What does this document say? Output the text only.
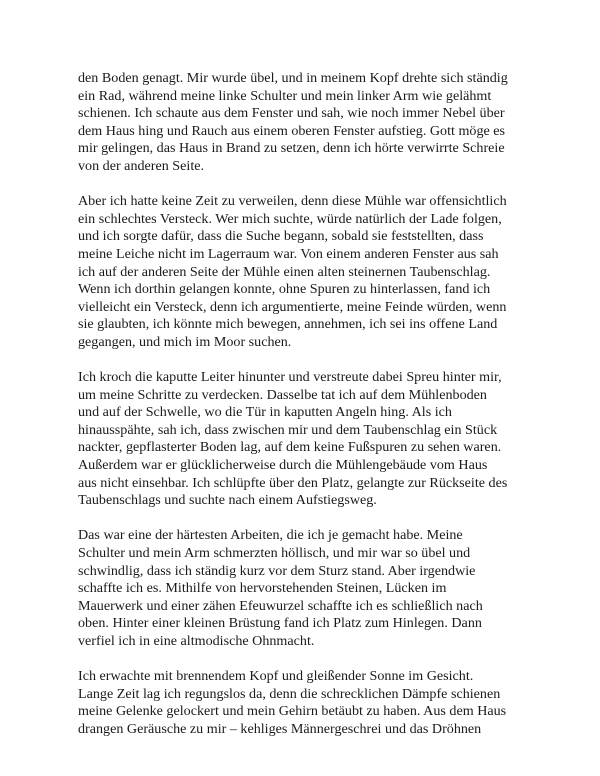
den Boden genagt. Mir wurde übel, und in meinem Kopf drehte sich ständig
ein Rad, während meine linke Schulter und mein linker Arm wie gelähmt
schienen. Ich schaute aus dem Fenster und sah, wie noch immer Nebel über
dem Haus hing und Rauch aus einem oberen Fenster aufstieg. Gott möge es
mir gelingen, das Haus in Brand zu setzen, denn ich hörte verwirrte Schreie
von der anderen Seite.
Aber ich hatte keine Zeit zu verweilen, denn diese Mühle war offensichtlich
ein schlechtes Versteck. Wer mich suchte, würde natürlich der Lade folgen,
und ich sorgte dafür, dass die Suche begann, sobald sie feststellten, dass
meine Leiche nicht im Lagerraum war. Von einem anderen Fenster aus sah
ich auf der anderen Seite der Mühle einen alten steinernen Taubenschlag.
Wenn ich dorthin gelangen konnte, ohne Spuren zu hinterlassen, fand ich
vielleicht ein Versteck, denn ich argumentierte, meine Feinde würden, wenn
sie glaubten, ich könnte mich bewegen, annehmen, ich sei ins offene Land
gegangen, und mich im Moor suchen.
Ich kroch die kaputte Leiter hinunter und verstreute dabei Spreu hinter mir,
um meine Schritte zu verdecken. Dasselbe tat ich auf dem Mühlenboden
und auf der Schwelle, wo die Tür in kaputten Angeln hing. Als ich
hinausspähte, sah ich, dass zwischen mir und dem Taubenschlag ein Stück
nackter, gepflasterter Boden lag, auf dem keine Fußspuren zu sehen waren.
Außerdem war er glücklicherweise durch die Mühlengebäude vom Haus
aus nicht einsehbar. Ich schlüpfte über den Platz, gelangte zur Rückseite des
Taubenschlags und suchte nach einem Aufstiegsweg.
Das war eine der härtesten Arbeiten, die ich je gemacht habe. Meine
Schulter und mein Arm schmerzten höllisch, und mir war so übel und
schwindlig, dass ich ständig kurz vor dem Sturz stand. Aber irgendwie
schaffte ich es. Mithilfe von hervorstehenden Steinen, Lücken im
Mauerwerk und einer zähen Efeuwurzel schaffte ich es schließlich nach
oben. Hinter einer kleinen Brüstung fand ich Platz zum Hinlegen. Dann
verfiel ich in eine altmodische Ohnmacht.
Ich erwachte mit brennendem Kopf und gleißender Sonne im Gesicht.
Lange Zeit lag ich regungslos da, denn die schrecklichen Dämpfe schienen
meine Gelenke gelockert und mein Gehirn betäubt zu haben. Aus dem Haus
drangen Geräusche zu mir – kehliges Männergeschrei und das Dröhnen
